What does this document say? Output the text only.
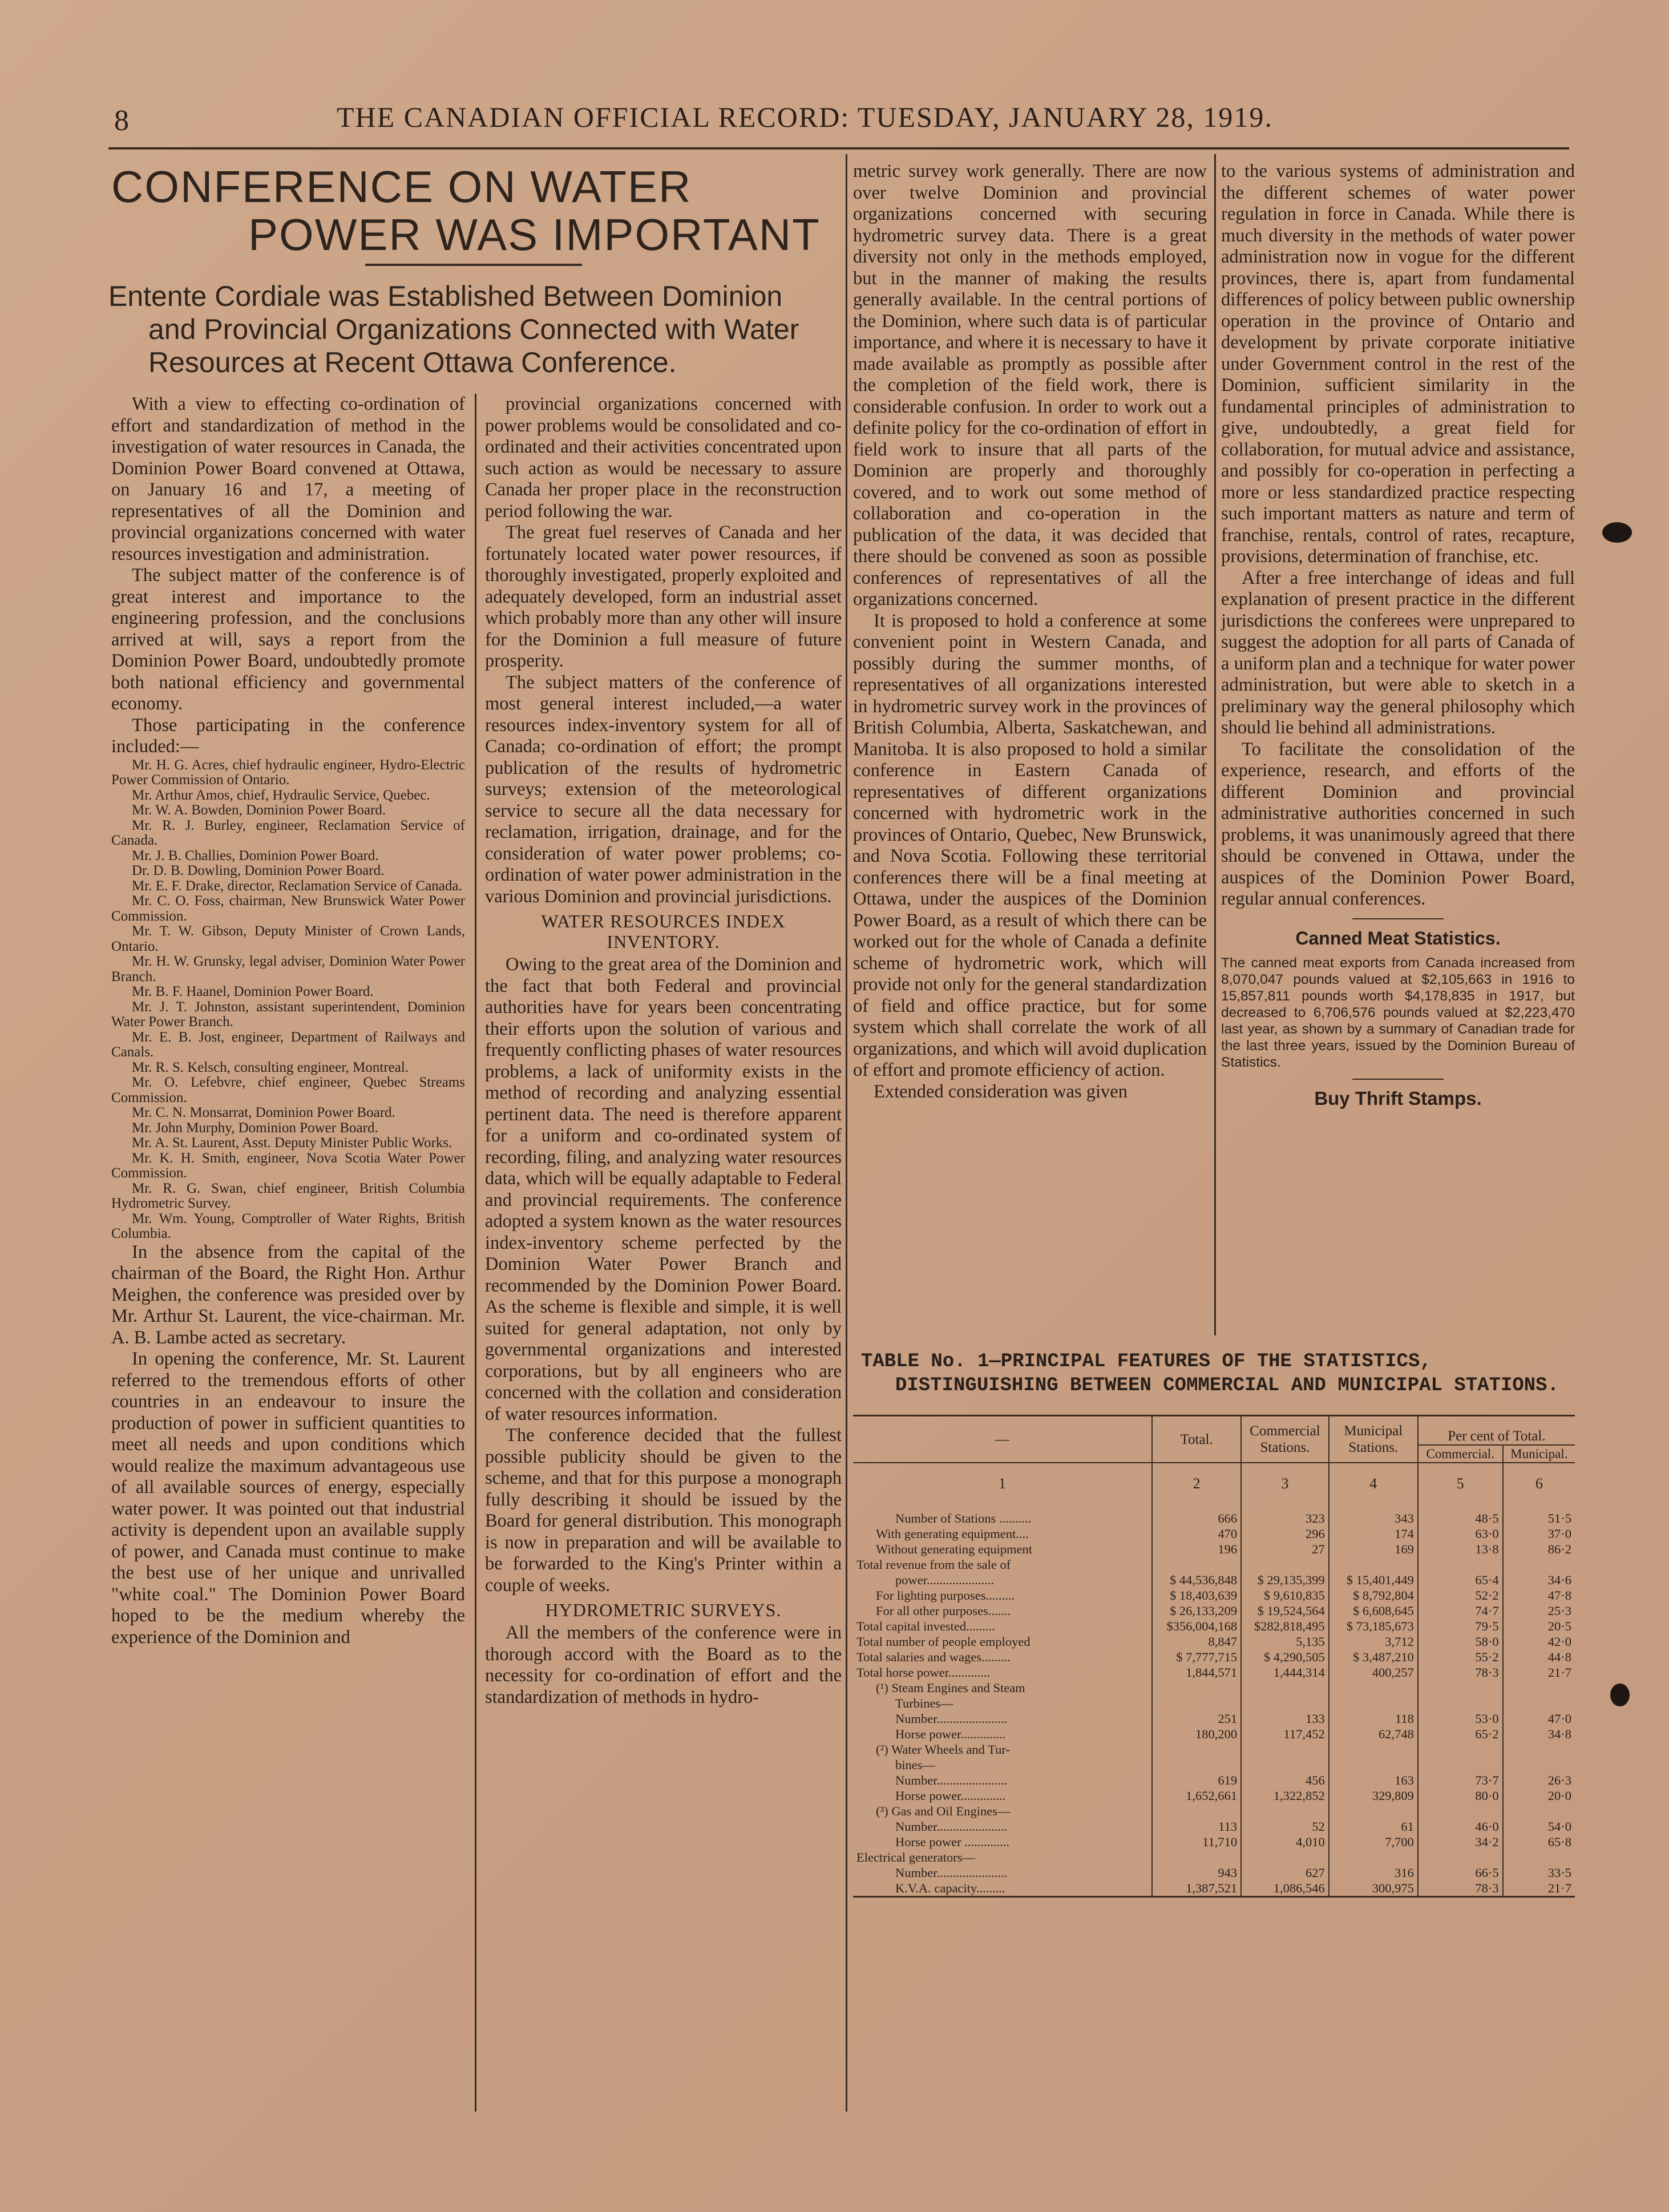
8	THE CANADIAN OFFICIAL RECORD: TUESDAY, JANUARY 28, 1919.
CONFERENCE ON WATER
POWER WAS IMPORTANT
Entente Cordiale was Established Between Dominion
and Provincial Organizations Connected with Water Resources at Recent Ottawa Conference.

With a view to effecting co-ordination of effort and standardization of method in the investigation of water resources in Canada, the Dominion Power Board convened at Ottawa, on January 16 and 17, a meeting of representatives of all the Dominion and provincial organizations concerned with water resources investigation and administration.

The subject matter of the conference is of great interest and importance to the engineering profession, and the conclusions arrived at will, says a report from the Dominion Power Board, undoubtedly promote both national efficiency and governmental economy.

Those participating in the conference included:—

Mr. H. G. Acres, chief hydraulic engineer, Hydro-Electric Power Commission of Ontario.
Mr. Arthur Amos, chief, Hydraulic Service, Quebec.
Mr. W. A. Bowden, Dominion Power Board.
Mr. R. J. Burley, engineer, Reclamation Service of Canada.
Mr. J. B. Challies, Dominion Power Board.
Dr. D. B. Dowling, Dominion Power Board.
Mr. E. F. Drake, director, Reclamation Service of Canada.
Mr. C. O. Foss, chairman, New Brunswick Water Power Commission.
Mr. T. W. Gibson, Deputy Minister of Crown Lands, Ontario.
Mr. H. W. Grunsky, legal adviser, Dominion Water Power Branch.
Mr. B. F. Haanel, Dominion Power Board.
Mr. J. T. Johnston, assistant superintendent, Dominion Water Power Branch.
Mr. E. B. Jost, engineer, Department of Railways and Canals.
Mr. R. S. Kelsch, consulting engineer, Montreal.
Mr. O. Lefebvre, chief engineer, Quebec Streams Commission.
Mr. C. N. Monsarrat, Dominion Power Board.
Mr. John Murphy, Dominion Power Board.
Mr. A. St. Laurent, Asst. Deputy Minister Public Works.
Mr. K. H. Smith, engineer, Nova Scotia Water Power Commission.
Mr. R. G. Swan, chief engineer, British Columbia Hydrometric Survey.
Mr. Wm. Young, Comptroller of Water Rights, British Columbia.

In the absence from the capital of the chairman of the Board, the Right Hon. Arthur Meighen, the conference was presided over by Mr. Arthur St. Laurent, the vice-chairman. Mr. A. B. Lambe acted as secretary.

In opening the conference, Mr. St. Laurent referred to the tremendous efforts of other countries in an endeavour to insure the production of power in sufficient quantities to meet all needs and upon conditions which would realize the maximum advantageous use of all available sources of energy, especially water power. It was pointed out that industrial activity is dependent upon an available supply of power, and Canada must continue to make the best use of her unique and unrivalled "white coal." The Dominion Power Board hoped to be the medium whereby the experience of the Dominion and

provincial organizations concerned with power problems would be consolidated and co-ordinated and their activities concentrated upon such action as would be necessary to assure Canada her proper place in the reconstruction period following the war.

The great fuel reserves of Canada and her fortunately located water power resources, if thoroughly investigated, properly exploited and adequately developed, form an industrial asset which probably more than any other will insure for the Dominion a full measure of future prosperity.

The subject matters of the conference of most general interest included,—a water resources index-inventory system for all of Canada; co-ordination of effort; the prompt publication of the results of hydrometric surveys; extension of the meteorological service to secure all the data necessary for reclamation, irrigation, drainage, and for the consideration of water power problems; co-ordination of water power administration in the various Dominion and provincial jurisdictions.

WATER RESOURCES INDEX INVENTORY.

Owing to the great area of the Dominion and the fact that both Federal and provincial authorities have for years been concentrating their efforts upon the solution of various and frequently conflicting phases of water resources problems, a lack of uniformity exists in the method of recording and analyzing essential pertinent data. The need is therefore apparent for a uniform and co-ordinated system of recording, filing, and analyzing water resources data, which will be equally adaptable to Federal and provincial requirements. The conference adopted a system known as the water resources index-inventory scheme perfected by the Dominion Water Power Branch and recommended by the Dominion Power Board. As the scheme is flexible and simple, it is well suited for general adaptation, not only by governmental organizations and interested corporations, but by all engineers who are concerned with the collation and consideration of water resources information.

The conference decided that the fullest possible publicity should be given to the scheme, and that for this purpose a monograph fully describing it should be issued by the Board for general distribution. This monograph is now in preparation and will be available to be forwarded to the King's Printer within a couple of weeks.

HYDROMETRIC SURVEYS.

All the members of the conference were in thorough accord with the Board as to the necessity for co-ordination of effort and the standardization of methods in hydro-

metric survey work generally. There are now over twelve Dominion and provincial organizations concerned with securing hydrometric survey data. There is a great diversity not only in the methods employed, but in the manner of making the results generally available. In the central portions of the Dominion, where such data is of particular importance, and where it is necessary to have it made available as promptly as possible after the completion of the field work, there is considerable confusion. In order to work out a definite policy for the co-ordination of effort in field work to insure that all parts of the Dominion are properly and thoroughly covered, and to work out some method of collaboration and co-operation in the publication of the data, it was decided that there should be convened as soon as possible conferences of representatives of all the organizations concerned.

It is proposed to hold a conference at some convenient point in Western Canada, and possibly during the summer months, of representatives of all organizations interested in hydrometric survey work in the provinces of British Columbia, Alberta, Saskatchewan, and Manitoba. It is also proposed to hold a similar conference in Eastern Canada of representatives of different organizations concerned with hydrometric work in the provinces of Ontario, Quebec, New Brunswick, and Nova Scotia. Following these territorial conferences there will be a final meeting at Ottawa, under the auspices of the Dominion Power Board, as a result of which there can be worked out for the whole of Canada a definite scheme of hydrometric work, which will provide not only for the general standardization of field and office practice, but for some system which shall correlate the work of all organizations, and which will avoid duplication of effort and promote efficiency of action.

Extended consideration was given

to the various systems of administration and the different schemes of water power regulation in force in Canada. While there is much diversity in the methods of water power administration now in vogue for the different provinces, there is, apart from fundamental differences of policy between public ownership operation in the province of Ontario and development by private corporate initiative under Government control in the rest of the Dominion, sufficient similarity in the fundamental principles of administration to give, undoubtedly, a great field for collaboration, for mutual advice and assistance, and possibly for co-operation in perfecting a more or less standardized practice respecting such important matters as nature and term of franchise, rentals, control of rates, recapture, provisions, determination of franchise, etc.

After a free interchange of ideas and full explanation of present practice in the different jurisdictions the conferees were unprepared to suggest the adoption for all parts of Canada of a uniform plan and a technique for water power administration, but were able to sketch in a preliminary way the general philosophy which should lie behind all administrations.

To facilitate the consolidation of the experience, research, and efforts of the different Dominion and provincial administrative authorities concerned in such problems, it was unanimously agreed that there should be convened in Ottawa, under the auspices of the Dominion Power Board, regular annual conferences.

Canned Meat Statistics.
The canned meat exports from Canada increased from 8,070,047 pounds valued at $2,105,663 in 1916 to 15,857,811 pounds worth $4,178,835 in 1917, but decreased to 6,706,576 pounds valued at $2,223,470 last year, as shown by a summary of Canadian trade for the last three years, issued by the Dominion Bureau of Statistics.
Buy Thrift Stamps.
TABLE No. 1—PRINCIPAL FEATURES OF THE STATISTICS, DISTINGUISHING BETWEEN COMMERCIAL AND MUNICIPAL STATIONS.
—	Total.	Commercial Stations.	Municipal Stations.	Per cent of Total.	
				Commercial.	Municipal.
1	2	3	4	5	6
Number of Stations ..........	666	323	343	48·5	51·5
With generating equipment....	470	296	174	63·0	37·0
Without generating equipment	196	27	169	13·8	86·2
Total revenue from the sale of					
power.....................	$ 44,536,848	$ 29,135,399	$ 15,401,449	65·4	34·6
For lighting purposes.........	$ 18,403,639	$ 9,610,835	$ 8,792,804	52·2	47·8
For all other purposes.......	$ 26,133,209	$ 19,524,564	$ 6,608,645	74·7	25·3
Total capital invested.........	$356,004,168	$282,818,495	$ 73,185,673	79·5	20·5
Total number of people employed	8,847	5,135	3,712	58·0	42·0
Total salaries and wages.........	$ 7,777,715	$ 4,290,505	$ 3,487,210	55·2	44·8
Total horse power.............	1,844,571	1,444,314	400,257	78·3	21·7
(¹) Steam Engines and Steam					
Turbines—					
Number......................	251	133	118	53·0	47·0
Horse power..............	180,200	117,452	62,748	65·2	34·8
(²) Water Wheels and Tur-					
bines—					
Number......................	619	456	163	73·7	26·3
Horse power..............	1,652,661	1,322,852	329,809	80·0	20·0
(³) Gas and Oil Engines—					
Number......................	113	52	61	46·0	54·0
Horse power ..............	11,710	4,010	7,700	34·2	65·8
Electrical generators—					
Number......................	943	627	316	66·5	33·5
K.V.A. capacity.........	1,387,521	1,086,546	300,975	78·3	21·7
